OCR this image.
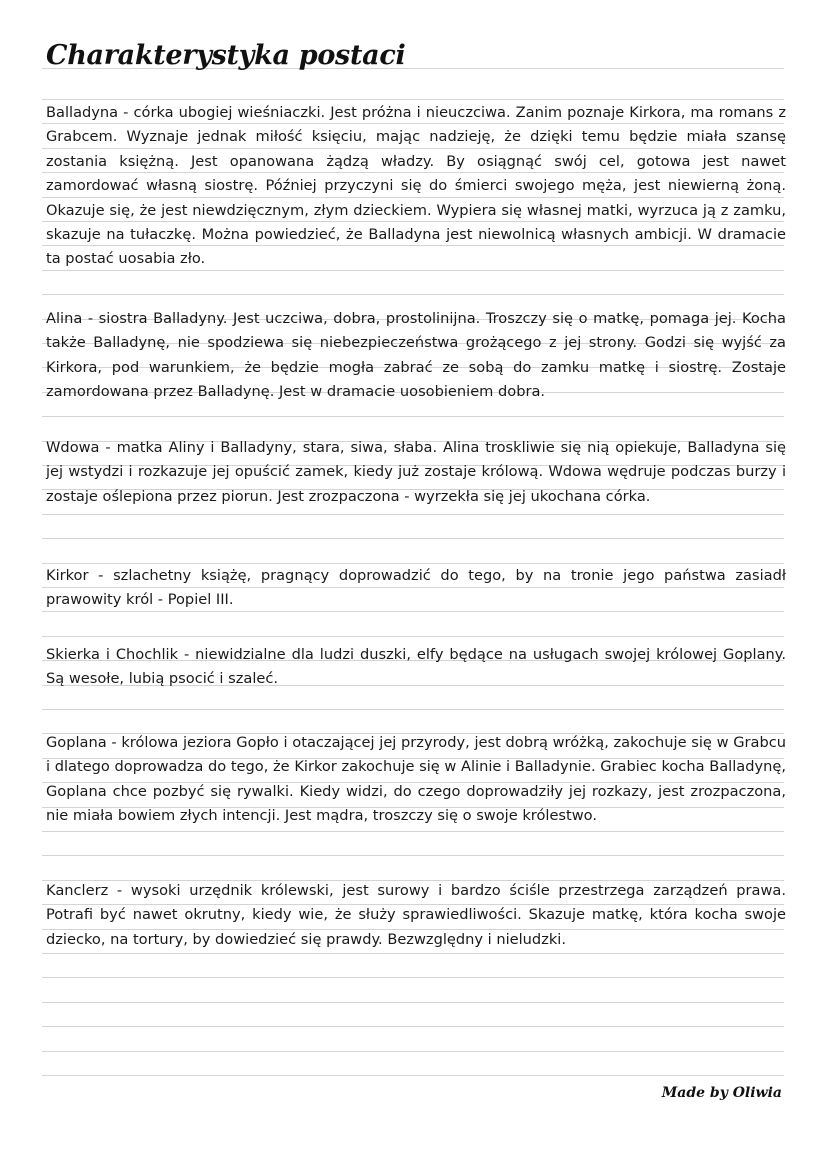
Charakterystyka postaci

Balladyna - córka ubogiej wieśniaczki. Jest próżna i nieuczciwa. Zanim poznaje Kirkora, ma romans z Grabcem. Wyznaje jednak miłość księciu, mając nadzieję, że dzięki temu będzie miała szansę zostania księżną. Jest opanowana żądzą władzy. By osiągnąć swój cel, gotowa jest nawet zamordować własną siostrę. Później przyczyni się do śmierci swojego męża, jest niewierną żoną. Okazuje się, że jest niewdzięcznym, złym dzieckiem. Wypiera się własnej matki, wyrzuca ją z zamku, skazuje na tułaczkę. Można powiedzieć, że Balladyna jest niewolnicą własnych ambicji. W dramacie ta postać uosabia zło.

Alina - siostra Balladyny. Jest uczciwa, dobra, prostolinijna. Troszczy się o matkę, pomaga jej. Kocha także Balladynę, nie spodziewa się niebezpieczeństwa grożącego z jej strony. Godzi się wyjść za Kirkora, pod warunkiem, że będzie mogła zabrać ze sobą do zamku matkę i siostrę. Zostaje zamordowana przez Balladynę. Jest w dramacie uosobieniem dobra.

Wdowa - matka Aliny i Balladyny, stara, siwa, słaba. Alina troskliwie się nią opiekuje, Balladyna się jej wstydzi i rozkazuje jej opuścić zamek, kiedy już zostaje królową. Wdowa wędruje podczas burzy i zostaje oślepiona przez piorun. Jest zrozpaczona - wyrzekła się jej ukochana córka.

Kirkor - szlachetny książę, pragnący doprowadzić do tego, by na tronie jego państwa zasiadł prawowity król - Popiel III.

Skierka i Chochlik - niewidzialne dla ludzi duszki, elfy będące na usługach swojej królowej Goplany. Są wesołe, lubią psocić i szaleć.

Goplana - królowa jeziora Gopło i otaczającej jej przyrody, jest dobrą wróżką, zakochuje się w Grabcu i dlatego doprowadza do tego, że Kirkor zakochuje się w Alinie i Balladynie. Grabiec kocha Balladynę, Goplana chce pozbyć się rywalki. Kiedy widzi, do czego doprowadziły jej rozkazy, jest zrozpaczona, nie miała bowiem złych intencji. Jest mądra, troszczy się o swoje królestwo.

Kanclerz - wysoki urzędnik królewski, jest surowy i bardzo ściśle przestrzega zarządzeń prawa. Potrafi być nawet okrutny, kiedy wie, że służy sprawiedliwości. Skazuje matkę, która kocha swoje dziecko, na tortury, by dowiedzieć się prawdy. Bezwzględny i nieludzki.

Made by Oliwia
